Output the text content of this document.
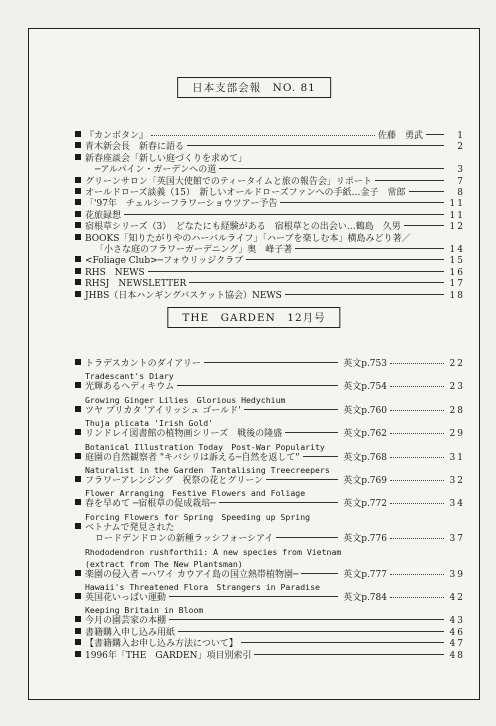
日本支部会報　NO. 81
『カンボタン』	佐藤　勇武	1
青木新会長　新春に語る	2
新春座談会「新しい庭づくりを求めて」
─アルパイン・ガーデンへの道	3
グリーンサロン「英国大使館でのティータイムと旅の報告会」リポート	7
オールドローズ談義（15）　新しいオールドローズファンへの手紙…金子　常郎	8
「'97年　チェルシーフラワーショウツアー予告	11
花旅録想	11
宿根草シリーズ（3）　どなたにも経験がある　宿根草との出会い…鶴島　久男	12
BOOKS「知りたがりやのハーバルライフ」「ハーブを楽しむ本」横島みどり著／
「小さな庭のフラワーガーデニング」奥　峰子著	14
<Foliage Club>─フォウリッジクラブ	15
RHS　NEWS	16
RHSJ　NEWSLETTER	17
JHBS（日本ハンギングバスケット協会）NEWS	18
THE　GARDEN　12月号
トラデスカントのダイアリー	英文p.753	22
Tradescant's Diary
光輝あるヘディキウム	英文p.754	23
Growing Ginger Lilies　Glorious Hedychium
ツヤ プリカタ 'アイリッシュ ゴールド'	英文p.760	28
Thuja plicata 'Irish Gold'
リンドレイ図書館の植物画シリーズ　戦後の隆盛	英文p.762	29
Botanical Illustration Today　Post-War Popularity
庭園の自然観察者 "キバシリは訴える─自然を返して"	英文p.768	31
Naturalist in the Garden　Tantalising Treecreepers
フラワーアレンジング　祝祭の花とグリーン	英文p.769	32
Flower Arranging　Festive Flowers and Foliage
春を早めて ─宿根草の促成栽培─	英文p.772	34
Forcing Flowers for Spring　Speeding up Spring
ベトナムで発見された
ロードデンドロンの新種ラッシフォーシアイ	英文p.776	37
Rhododendron rushforthii: A new species from Vietnam
(extract from The New Plantsman)
楽園の侵入者 ─ハワイ カウアイ島の国立熱帯植物園─	英文p.777	39
Hawaii's Threatened Flora　Strangers in Paradise
英国花いっぱい運動	英文p.784	42
Keeping Britain in Bloom
今月の園芸家の本棚	43
書籍購入申し込み用紙	46
【書籍購入お申し込み方法について】	47
1996年「THE　GARDEN」項目別索引	48
